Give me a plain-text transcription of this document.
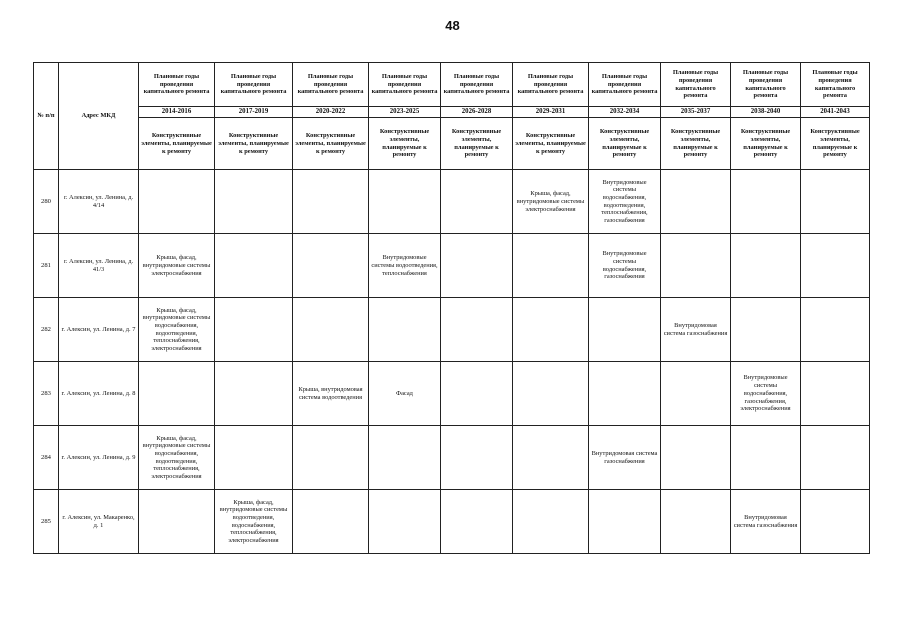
48
№ п/п	Адрес МКД	Плановые годы проведения капитального ремонта	Плановые годы проведения капитального ремонта	Плановые годы проведения капитального ремонта	Плановые годы проведения капитального ремонта	Плановые годы проведения капитального ремонта	Плановые годы проведения капитального ремонта	Плановые годы проведения капитального ремонта	Плановые годы проведения капитального ремонта	Плановые годы проведения капитального ремонта	Плановые годы проведения капитального ремонта
		2014-2016	2017-2019	2020-2022	2023-2025	2026-2028	2029-2031	2032-2034	2035-2037	2038-2040	2041-2043
		Конструктивные элементы, планируемые к ремонту	Конструктивные элементы, планируемые к ремонту	Конструктивные элементы, планируемые к ремонту	Конструктивные элементы, планируемые к ремонту	Конструктивные элементы, планируемые к ремонту	Конструктивные элементы, планируемые к ремонту	Конструктивные элементы, планируемые к ремонту	Конструктивные элементы, планируемые к ремонту	Конструктивные элементы, планируемые к ремонту	Конструктивные элементы, планируемые к ремонту
280	г. Алексин, ул. Ленина, д. 4/14						Крыша, фасад, внутридомовые системы электроснабжения	Внутридомовые системы водоснабжения, водоотведения, теплоснабжения, газоснабжения			
281	г. Алексин, ул. Ленина, д. 41/3	Крыша, фасад, внутридомовые системы электроснабжения			Внутридомовые системы водоотведения, теплоснабжения			Внутридомовые системы водоснабжения, газоснабжения			
282	г. Алексин, ул. Ленина, д. 7	Крыша, фасад, внутридомовые системы водоснабжения, водоотведения, теплоснабжения, электроснабжения							Внутридомовая система газоснабжения		
283	г. Алексин, ул. Ленина, д. 8			Крыша, внутридомовая система водоотведения	Фасад					Внутридомовые системы водоснабжения, газоснабжения, электроснабжения	
284	г. Алексин, ул. Ленина, д. 9	Крыша, фасад, внутридомовые системы водоснабжения, водоотведения, теплоснабжения, электроснабжения						Внутридомовая система газоснабжения			
285	г. Алексин, ул. Макаренко, д. 1		Крыша, фасад, внутридомовые системы водоотведения, водоснабжения, теплоснабжения, электроснабжения							Внутридомовая система газоснабжения	
